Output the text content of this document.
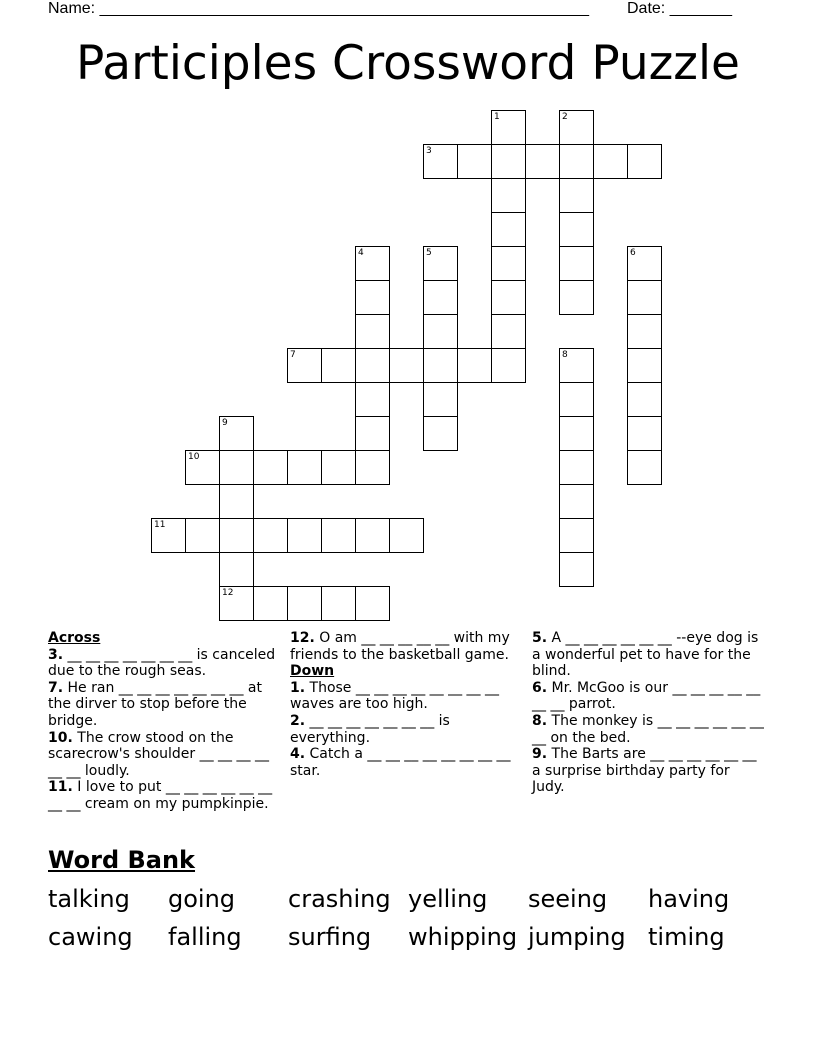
Name: _______________________________________________________ Date: _______
Participles Crossword Puzzle
1	2
3
4	5	6
7	8
9
10
11
12
Across
3. __ __ __ __ __ __ __ is canceled due to the rough seas.
7. He ran __ __ __ __ __ __ __ at the dirver to stop before the bridge.
10. The crow stood on the scarecrow's shoulder __ __ __ __ __ __ loudly.
11. I love to put __ __ __ __ __ __ __ __ cream on my pumpkinpie.
12. O am __ __ __ __ __ with my friends to the basketball game.
Down
1. Those __ __ __ __ __ __ __ __ waves are too high.
2. __ __ __ __ __ __ __ is everything.
4. Catch a __ __ __ __ __ __ __ __ star.
5. A __ __ __ __ __ __ --eye dog is a wonderful pet to have for the blind.
6. Mr. McGoo is our __ __ __ __ __ __ __ parrot.
8. The monkey is __ __ __ __ __ __ __ on the bed.
9. The Barts are __ __ __ __ __ __ a surprise birthday party for Judy.
Word Bank
talking going crashing yelling seeing having
cawing falling surfing whipping jumping timing
